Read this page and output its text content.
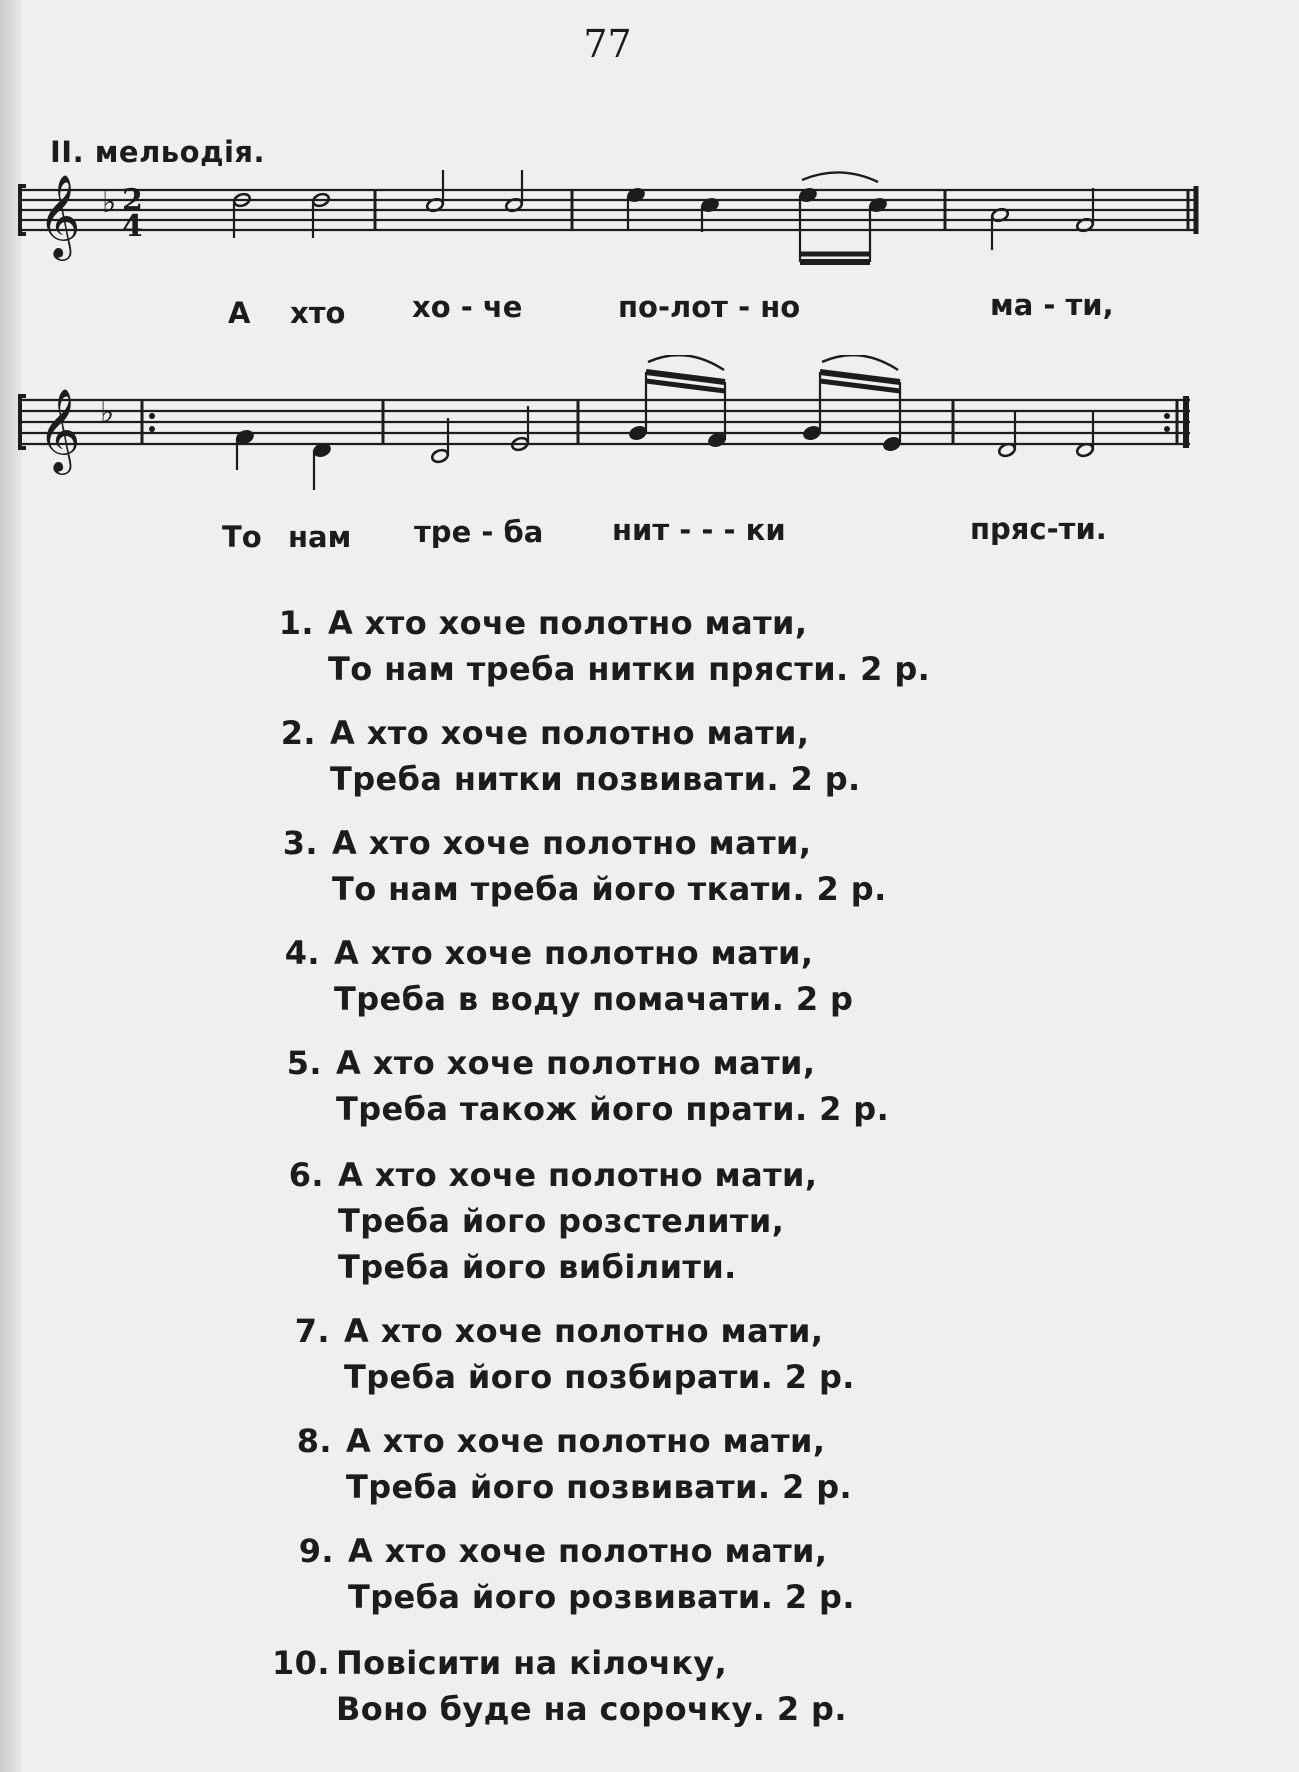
77
II. мельодія.
𝄞 ♭ 2
4
А хто хо - че	по-лот - но	ма - ти,
𝄞 ♭
То нам тре - ба нит - - - ки	пряс-ти.
1. А хто хоче полотно мати,
То нам треба нитки прясти. 2 р.
2. А хто хоче полотно мати,
Треба нитки позвивати. 2 р.
3. А хто хоче полотно мати,
То нам треба його ткати. 2 р.
4. А хто хоче полотно мати,
Треба в воду помачати. 2 р
5. А хто хоче полотно мати,
Треба також його прати. 2 р.
6. А хто хоче полотно мати,
Треба його розстелити,
Треба його вибілити.
7. А хто хоче полотно мати,
Треба його позбирати. 2 р.
8. А хто хоче полотно мати,
Треба його позвивати. 2 р.
9. А хто хоче полотно мати,
Треба його розвивати. 2 р.
10. Повісити на кілочку,
Воно буде на сорочку. 2 р.
